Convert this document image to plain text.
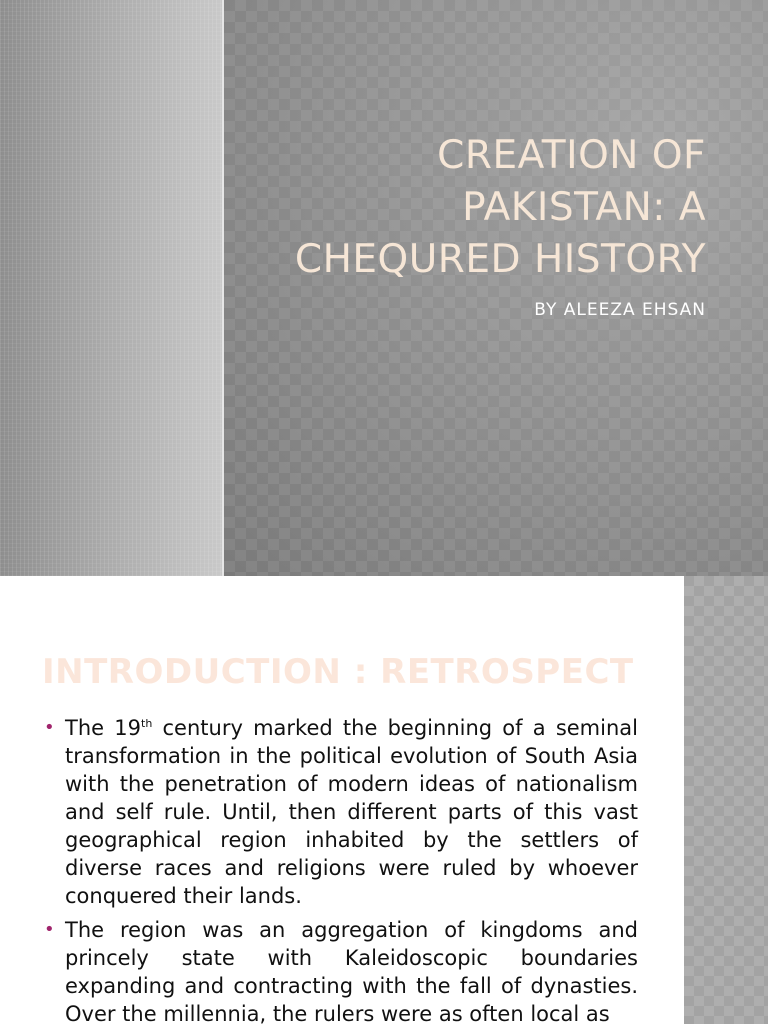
CREATION OF PAKISTAN: A CHEQURED HISTORY

BY ALEEZA EHSAN

INTRODUCTION : RETROSPECT
• The 19th century marked the beginning of a seminal transformation in the political evolution of South Asia with the penetration of modern ideas of nationalism and self rule. Until, then different parts of this vast geographical region inhabited by the settlers of diverse races and religions were ruled by whoever conquered their lands.
• The region was an aggregation of kingdoms and princely state with Kaleidoscopic boundaries expanding and contracting with the fall of dynasties. Over the millennia, the rulers were as often local as
